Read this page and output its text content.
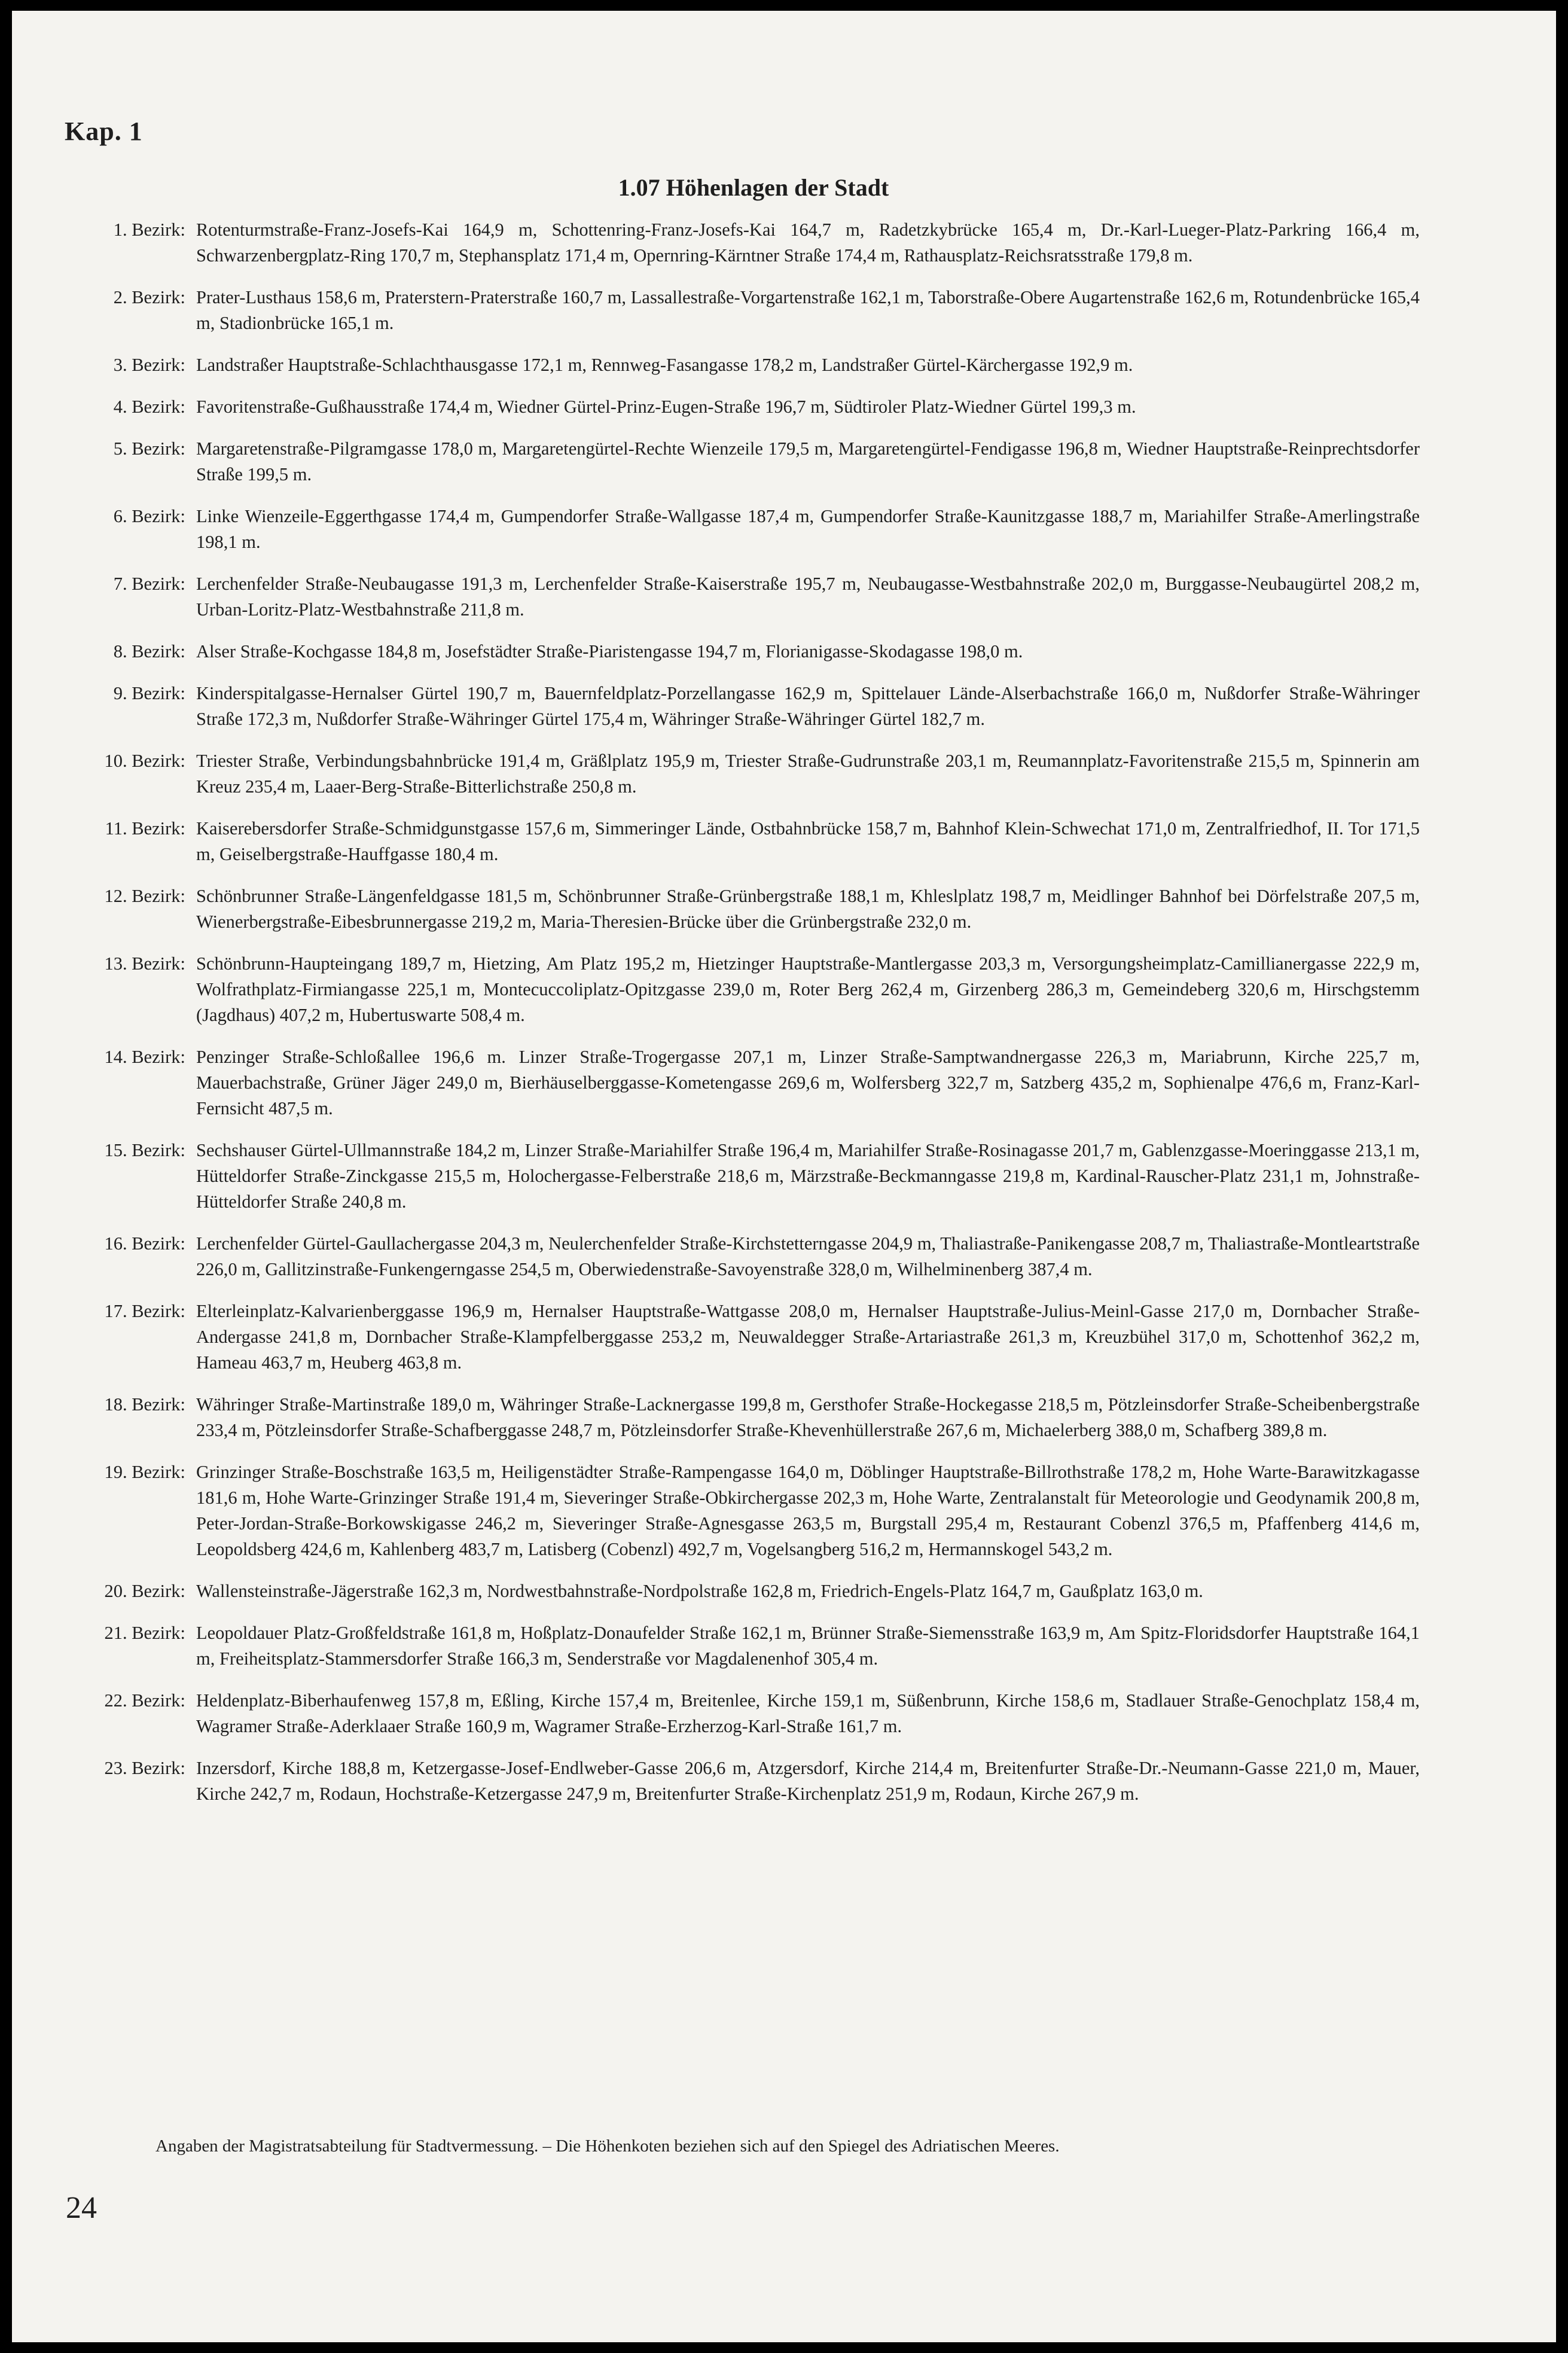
Kap. 1
1.07 Höhenlagen der Stadt
1. Bezirk: Rotenturmstraße-Franz-Josefs-Kai 164,9 m, Schottenring-Franz-Josefs-Kai 164,7 m, Radetzkybrücke 165,4 m, Dr.-Karl-Lueger-Platz-Parkring 166,4 m, Schwarzenbergplatz-Ring 170,7 m, Stephansplatz 171,4 m, Opernring-Kärntner Straße 174,4 m, Rathausplatz-Reichsratsstraße 179,8 m.
2. Bezirk: Prater-Lusthaus 158,6 m, Praterstern-Praterstraße 160,7 m, Lassallestraße-Vorgartenstraße 162,1 m, Taborstraße-Obere Augartenstraße 162,6 m, Rotundenbrücke 165,4 m, Stadionbrücke 165,1 m.
3. Bezirk: Landstraßer Hauptstraße-Schlachthausgasse 172,1 m, Rennweg-Fasangasse 178,2 m, Landstraßer Gürtel-Kärchergasse 192,9 m.
4. Bezirk: Favoritenstraße-Gußhausstraße 174,4 m, Wiedner Gürtel-Prinz-Eugen-Straße 196,7 m, Südtiroler Platz-Wiedner Gürtel 199,3 m.
5. Bezirk: Margaretenstraße-Pilgramgasse 178,0 m, Margaretengürtel-Rechte Wienzeile 179,5 m, Margaretengürtel-Fendigasse 196,8 m, Wiedner Hauptstraße-Reinprechtsdorfer Straße 199,5 m.
6. Bezirk: Linke Wienzeile-Eggerthgasse 174,4 m, Gumpendorfer Straße-Wallgasse 187,4 m, Gumpendorfer Straße-Kaunitzgasse 188,7 m, Mariahilfer Straße-Amerlingstraße 198,1 m.
7. Bezirk: Lerchenfelder Straße-Neubaugasse 191,3 m, Lerchenfelder Straße-Kaiserstraße 195,7 m, Neubaugasse-Westbahnstraße 202,0 m, Burggasse-Neubaugürtel 208,2 m, Urban-Loritz-Platz-Westbahnstraße 211,8 m.
8. Bezirk: Alser Straße-Kochgasse 184,8 m, Josefstädter Straße-Piaristengasse 194,7 m, Florianigasse-Skodagasse 198,0 m.
9. Bezirk: Kinderspitalgasse-Hernalser Gürtel 190,7 m, Bauernfeldplatz-Porzellangasse 162,9 m, Spittelauer Lände-Alserbachstraße 166,0 m, Nußdorfer Straße-Währinger Straße 172,3 m, Nußdorfer Straße-Währinger Gürtel 175,4 m, Währinger Straße-Währinger Gürtel 182,7 m.
10. Bezirk: Triester Straße, Verbindungsbahnbrücke 191,4 m, Gräßlplatz 195,9 m, Triester Straße-Gudrunstraße 203,1 m, Reumannplatz-Favoritenstraße 215,5 m, Spinnerin am Kreuz 235,4 m, Laaer-Berg-Straße-Bitterlichstraße 250,8 m.
11. Bezirk: Kaiserebersdorfer Straße-Schmidgunstgasse 157,6 m, Simmeringer Lände, Ostbahnbrücke 158,7 m, Bahnhof Klein-Schwechat 171,0 m, Zentralfriedhof, II. Tor 171,5 m, Geiselbergstraße-Hauffgasse 180,4 m.
12. Bezirk: Schönbrunner Straße-Längenfeldgasse 181,5 m, Schönbrunner Straße-Grünbergstraße 188,1 m, Khleslplatz 198,7 m, Meidlinger Bahnhof bei Dörfelstraße 207,5 m, Wienerbergstraße-Eibesbrunnergasse 219,2 m, Maria-Theresien-Brücke über die Grünbergstraße 232,0 m.
13. Bezirk: Schönbrunn-Haupteingang 189,7 m, Hietzing, Am Platz 195,2 m, Hietzinger Hauptstraße-Mantlergasse 203,3 m, Versorgungsheimplatz-Camillianergasse 222,9 m, Wolfrathplatz-Firmiangasse 225,1 m, Montecuccoliplatz-Opitzgasse 239,0 m, Roter Berg 262,4 m, Girzenberg 286,3 m, Gemeindeberg 320,6 m, Hirschgstemm (Jagdhaus) 407,2 m, Hubertuswarte 508,4 m.
14. Bezirk: Penzinger Straße-Schloßallee 196,6 m. Linzer Straße-Trogergasse 207,1 m, Linzer Straße-Samptwandnergasse 226,3 m, Mariabrunn, Kirche 225,7 m, Mauerbachstraße, Grüner Jäger 249,0 m, Bierhäuselberggasse-Kometengasse 269,6 m, Wolfersberg 322,7 m, Satzberg 435,2 m, Sophienalpe 476,6 m, Franz-Karl-Fernsicht 487,5 m.
15. Bezirk: Sechshauser Gürtel-Ullmannstraße 184,2 m, Linzer Straße-Mariahilfer Straße 196,4 m, Mariahilfer Straße-Rosinagasse 201,7 m, Gablenzgasse-Moeringgasse 213,1 m, Hütteldorfer Straße-Zinckgasse 215,5 m, Holochergasse-Felberstraße 218,6 m, Märzstraße-Beckmanngasse 219,8 m, Kardinal-Rauscher-Platz 231,1 m, Johnstraße-Hütteldorfer Straße 240,8 m.
16. Bezirk: Lerchenfelder Gürtel-Gaullachergasse 204,3 m, Neulerchenfelder Straße-Kirchstetterngasse 204,9 m, Thaliastraße-Panikengasse 208,7 m, Thaliastraße-Montleartstraße 226,0 m, Gallitzinstraße-Funkengerngasse 254,5 m, Oberwiedenstraße-Savoyenstraße 328,0 m, Wilhelminenberg 387,4 m.
17. Bezirk: Elterleinplatz-Kalvarienberggasse 196,9 m, Hernalser Hauptstraße-Wattgasse 208,0 m, Hernalser Hauptstraße-Julius-Meinl-Gasse 217,0 m, Dornbacher Straße-Andergasse 241,8 m, Dornbacher Straße-Klampfelberggasse 253,2 m, Neuwaldegger Straße-Artariastraße 261,3 m, Kreuzbühel 317,0 m, Schottenhof 362,2 m, Hameau 463,7 m, Heuberg 463,8 m.
18. Bezirk: Währinger Straße-Martinstraße 189,0 m, Währinger Straße-Lacknergasse 199,8 m, Gersthofer Straße-Hockegasse 218,5 m, Pötzleinsdorfer Straße-Scheibenbergstraße 233,4 m, Pötzleinsdorfer Straße-Schafberggasse 248,7 m, Pötzleinsdorfer Straße-Khevenhüllerstraße 267,6 m, Michaelerberg 388,0 m, Schafberg 389,8 m.
19. Bezirk: Grinzinger Straße-Boschstraße 163,5 m, Heiligenstädter Straße-Rampengasse 164,0 m, Döblinger Hauptstraße-Billrothstraße 178,2 m, Hohe Warte-Barawitzkagasse 181,6 m, Hohe Warte-Grinzinger Straße 191,4 m, Sieveringer Straße-Obkirchergasse 202,3 m, Hohe Warte, Zentralanstalt für Meteorologie und Geodynamik 200,8 m, Peter-Jordan-Straße-Borkowskigasse 246,2 m, Sieveringer Straße-Agnesgasse 263,5 m, Burgstall 295,4 m, Restaurant Cobenzl 376,5 m, Pfaffenberg 414,6 m, Leopoldsberg 424,6 m, Kahlenberg 483,7 m, Latisberg (Cobenzl) 492,7 m, Vogelsangberg 516,2 m, Hermannskogel 543,2 m.
20. Bezirk: Wallensteinstraße-Jägerstraße 162,3 m, Nordwestbahnstraße-Nordpolstraße 162,8 m, Friedrich-Engels-Platz 164,7 m, Gaußplatz 163,0 m.
21. Bezirk: Leopoldauer Platz-Großfeldstraße 161,8 m, Hoßplatz-Donaufelder Straße 162,1 m, Brünner Straße-Siemensstraße 163,9 m, Am Spitz-Floridsdorfer Hauptstraße 164,1 m, Freiheitsplatz-Stammersdorfer Straße 166,3 m, Senderstraße vor Magdalenenhof 305,4 m.
22. Bezirk: Heldenplatz-Biberhaufenweg 157,8 m, Eßling, Kirche 157,4 m, Breitenlee, Kirche 159,1 m, Süßenbrunn, Kirche 158,6 m, Stadlauer Straße-Genochplatz 158,4 m, Wagramer Straße-Aderklaaer Straße 160,9 m, Wagramer Straße-Erzherzog-Karl-Straße 161,7 m.
23. Bezirk: Inzersdorf, Kirche 188,8 m, Ketzergasse-Josef-Endlweber-Gasse 206,6 m, Atzgersdorf, Kirche 214,4 m, Breitenfurter Straße-Dr.-Neumann-Gasse 221,0 m, Mauer, Kirche 242,7 m, Rodaun, Hochstraße-Ketzergasse 247,9 m, Breitenfurter Straße-Kirchenplatz 251,9 m, Rodaun, Kirche 267,9 m.
Angaben der Magistratsabteilung für Stadtvermessung. – Die Höhenkoten beziehen sich auf den Spiegel des Adriatischen Meeres.
24
